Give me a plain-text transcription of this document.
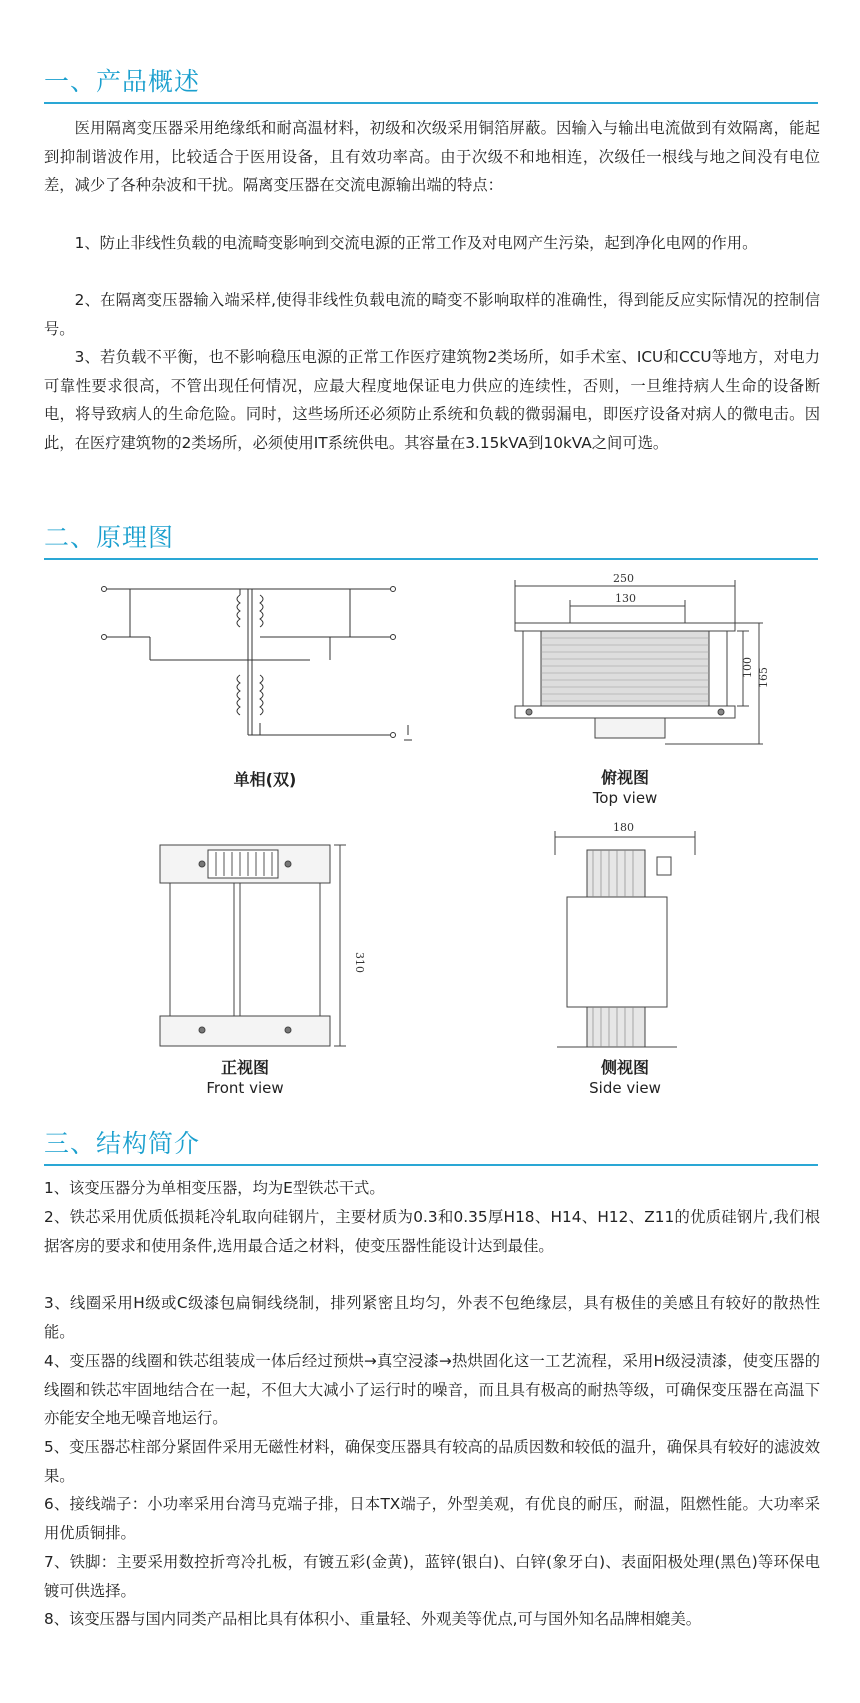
一、产品概述

医用隔离变压器采用绝缘纸和耐高温材料，初级和次级采用铜箔屏蔽。因输入与输出电流做到有效隔离，能起到抑制谐波作用，比较适合于医用设备，且有效功率高。由于次级不和地相连，次级任一根线与地之间没有电位差，减少了各种杂波和干扰。隔离变压器在交流电源输出端的特点：

1、防止非线性负载的电流畸变影响到交流电源的正常工作及对电网产生污染，起到净化电网的作用。

2、在隔离变压器输入端采样,使得非线性负载电流的畸变不影响取样的准确性，得到能反应实际情况的控制信号。

3、若负载不平衡，也不影响稳压电源的正常工作医疗建筑物2类场所，如手术室、ICU和CCU等地方，对电力可靠性要求很高，不管出现任何情况，应最大程度地保证电力供应的连续性，否则，一旦维持病人生命的设备断电，将导致病人的生命危险。同时，这些场所还必须防止系统和负载的微弱漏电，即医疗设备对病人的微电击。因此，在医疗建筑物的2类场所，必须使用IT系统供电。其容量在3.15kVA到10kVA之间可选。

二、原理图
单相(双)
250
130
100 165
俯视图
Top view
310
正视图
Front view
180
侧视图
Side view
三、结构简介

1、该变压器分为单相变压器，均为E型铁芯干式。

2、铁芯采用优质低损耗冷轧取向硅钢片，主要材质为0.3和0.35厚H18、H14、H12、Z11的优质硅钢片,我们根据客房的要求和使用条件,选用最合适之材料，使变压器性能设计达到最佳。

3、线圈采用H级或C级漆包扁铜线绕制，排列紧密且均匀，外表不包绝缘层，具有极佳的美感且有较好的散热性能。

4、变压器的线圈和铁芯组装成一体后经过预烘→真空浸漆→热烘固化这一工艺流程，采用H级浸渍漆，使变压器的线圈和铁芯牢固地结合在一起，不但大大减小了运行时的噪音，而且具有极高的耐热等级，可确保变压器在高温下亦能安全地无噪音地运行。

5、变压器芯柱部分紧固件采用无磁性材料，确保变压器具有较高的品质因数和较低的温升，确保具有较好的滤波效果。

6、接线端子：小功率采用台湾马克端子排，日本TX端子，外型美观，有优良的耐压，耐温，阻燃性能。大功率采用优质铜排。

7、铁脚：主要采用数控折弯冷扎板，有镀五彩(金黄)，蓝锌(银白)、白锌(象牙白)、表面阳极处理(黑色)等环保电镀可供选择。

8、该变压器与国内同类产品相比具有体积小、重量轻、外观美等优点,可与国外知名品牌相媲美。
